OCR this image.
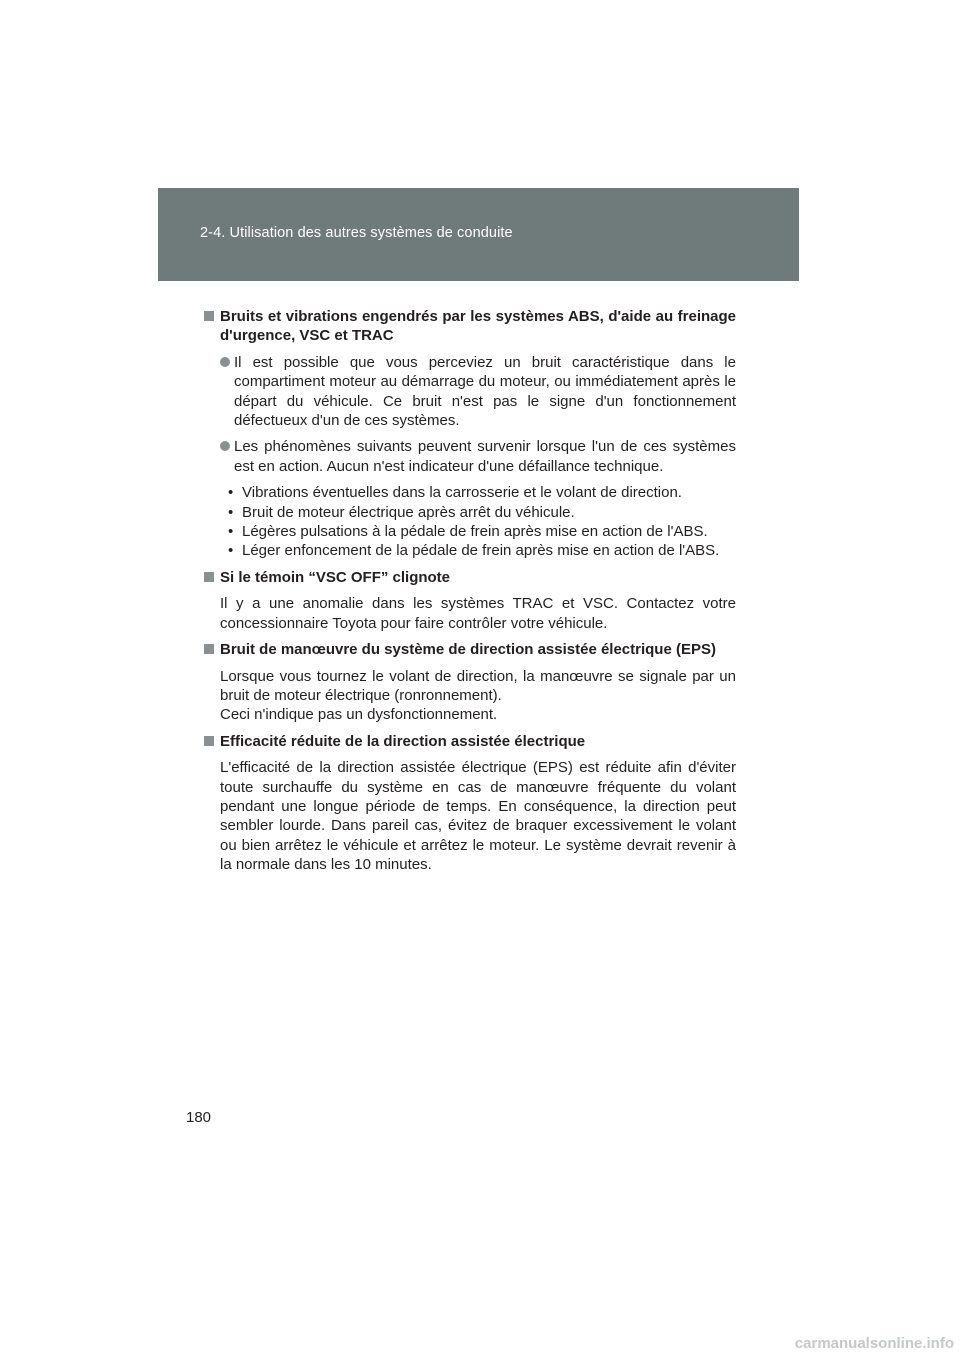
2-4. Utilisation des autres systèmes de conduite
Bruits et vibrations engendrés par les systèmes ABS, d'aide au freinage d'urgence, VSC et TRAC
Il est possible que vous perceviez un bruit caractéristique dans le compartiment moteur au démarrage du moteur, ou immédiatement après le départ du véhicule. Ce bruit n'est pas le signe d'un fonctionnement défectueux d'un de ces systèmes.
Les phénomènes suivants peuvent survenir lorsque l'un de ces systèmes est en action. Aucun n'est indicateur d'une défaillance technique.
• Vibrations éventuelles dans la carrosserie et le volant de direction.
• Bruit de moteur électrique après arrêt du véhicule.
• Légères pulsations à la pédale de frein après mise en action de l'ABS.
• Léger enfoncement de la pédale de frein après mise en action de l'ABS.
Si le témoin “VSC OFF” clignote
Il y a une anomalie dans les systèmes TRAC et VSC. Contactez votre concessionnaire Toyota pour faire contrôler votre véhicule.
Bruit de manœuvre du système de direction assistée électrique (EPS)
Lorsque vous tournez le volant de direction, la manœuvre se signale par un bruit de moteur électrique (ronronnement).
Ceci n'indique pas un dysfonctionnement.
Efficacité réduite de la direction assistée électrique
L'efficacité de la direction assistée électrique (EPS) est réduite afin d'éviter toute surchauffe du système en cas de manœuvre fréquente du volant pendant une longue période de temps. En conséquence, la direction peut sembler lourde. Dans pareil cas, évitez de braquer excessivement le volant ou bien arrêtez le véhicule et arrêtez le moteur. Le système devrait revenir à la normale dans les 10 minutes.
180
carmanualsonline.info
